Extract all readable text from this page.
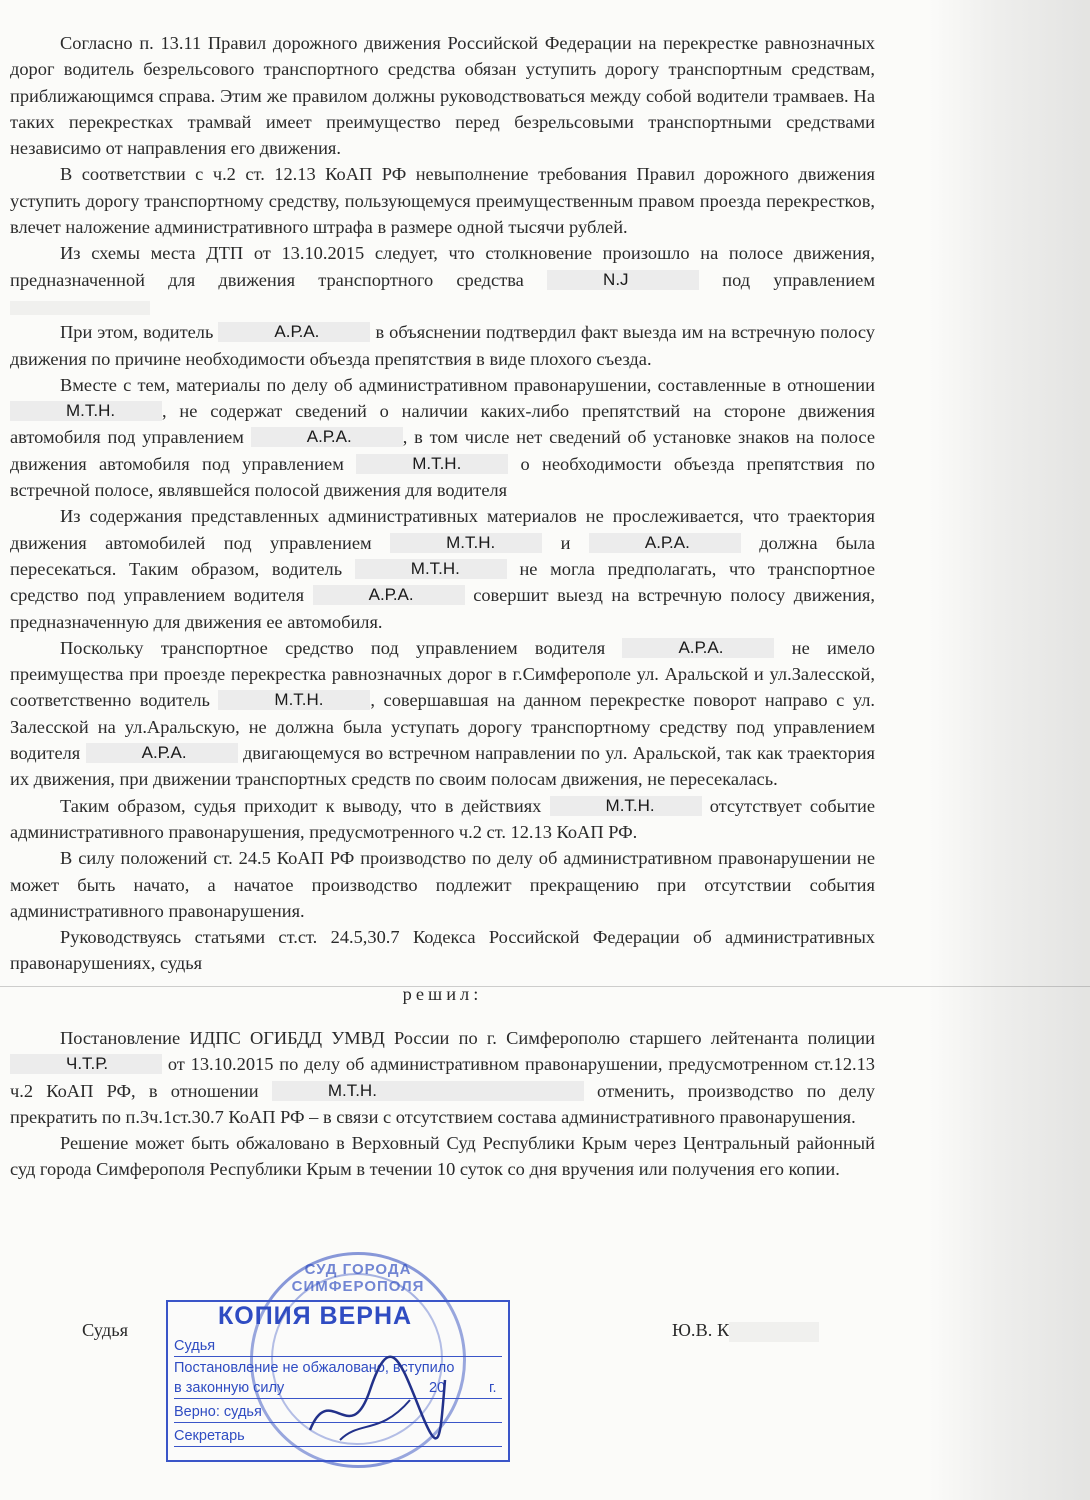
Согласно п. 13.11 Правил дорожного движения Российской Федерации на перекрестке равнозначных дорог водитель безрельсового транспортного средства обязан уступить дорогу транспортным средствам, приближающимся справа. Этим же правилом должны руководствоваться между собой водители трамваев. На таких перекрестках трамвай имеет преимущество перед безрельсовыми транспортными средствами независимо от направления его движения.

В соответствии с ч.2 ст. 12.13 КоАП РФ невыполнение требования Правил дорожного движения уступить дорогу транспортному средству, пользующемуся преимущественным правом проезда перекрестков, влечет наложение административного штрафа в размере одной тысячи рублей.

Из схемы места ДТП от 13.10.2015 следует, что столкновение произошло на полосе движения, предназначенной для движения транспортного средства	N.J	под управлением

При этом, водитель	А.Р.А.	в объяснении подтвердил факт выезда им на встречную полосу движения по причине необходимости объезда препятствия в виде плохого съезда.

Вместе с тем, материалы по делу об административном правонарушении, составленные в отношении М.Т.Н.	, не содержат сведений о наличии каких-либо препятствий на стороне движения автомобиля под управлением	А.Р.А.	, в том числе нет сведений об установке знаков на полосе движения автомобиля под управлением	М.Т.Н.	о необходимости объезда препятствия по встречной полосе, являвшейся полосой движения для водителя

Из содержания представленных административных материалов не прослеживается, что траектория движения автомобилей под управлением	М.Т.Н.	и	А.Р.А.	должна была пересекаться. Таким образом, водитель	М.Т.Н.	не могла предполагать, что транспортное средство под управлением водителя	А.Р.А.	совершит выезд на встречную полосу движения, предназначенную для движения ее автомобиля.

Поскольку транспортное средство под управлением водителя	А.Р.А.	не имело преимущества при проезде перекрестка равнозначных дорог в г.Симферополе ул. Аральской и ул.Залесской, соответственно водитель	М.Т.Н.	, совершавшая на данном перекрестке поворот направо с ул. Залесской на ул.Аральскую, не должна была уступать дорогу транспортному средству под управлением водителя	А.Р.А.	двигающемуся во встречном направлении по ул. Аральской, так как траектория их движения, при движении транспортных средств по своим полосам движения, не пересекалась.

Таким образом, судья приходит к выводу, что в действиях	М.Т.Н.	отсутствует событие административного правонарушения, предусмотренного ч.2 ст. 12.13 КоАП РФ.

В силу положений ст. 24.5 КоАП РФ производство по делу об административном правонарушении не может быть начато, а начатое производство подлежит прекращению при отсутствии события административного правонарушения.

Руководствуясь статьями ст.ст. 24.5,30.7 Кодекса Российской Федерации об административных правонарушениях, судья

решил:

Постановление ИДПС ОГИБДД УМВД России по г. Симферополю старшего лейтенанта полиции Ч.Т.Р.	от 13.10.2015 по делу об административном правонарушении, предусмотренном ст.12.13 ч.2 КоАП РФ, в отношении	М.Т.Н.	отменить, производство по делу прекратить по п.3ч.1ст.30.7 КоАП РФ – в связи с отсутствием состава административного правонарушения.

Решение может быть обжаловано в Верховный Суд Республики Крым через Центральный районный суд города Симферополя Республики Крым в течении 10 суток со дня вручения или получения его копии.

СУД ГОРОДА СИМФЕРОПОЛЯ
Судья	Ю.В. К
КОПИЯ ВЕРНА
Судья
Постановление не обжаловано, вступило
в законную силу	20	г.
Верно: судья
Секретарь
